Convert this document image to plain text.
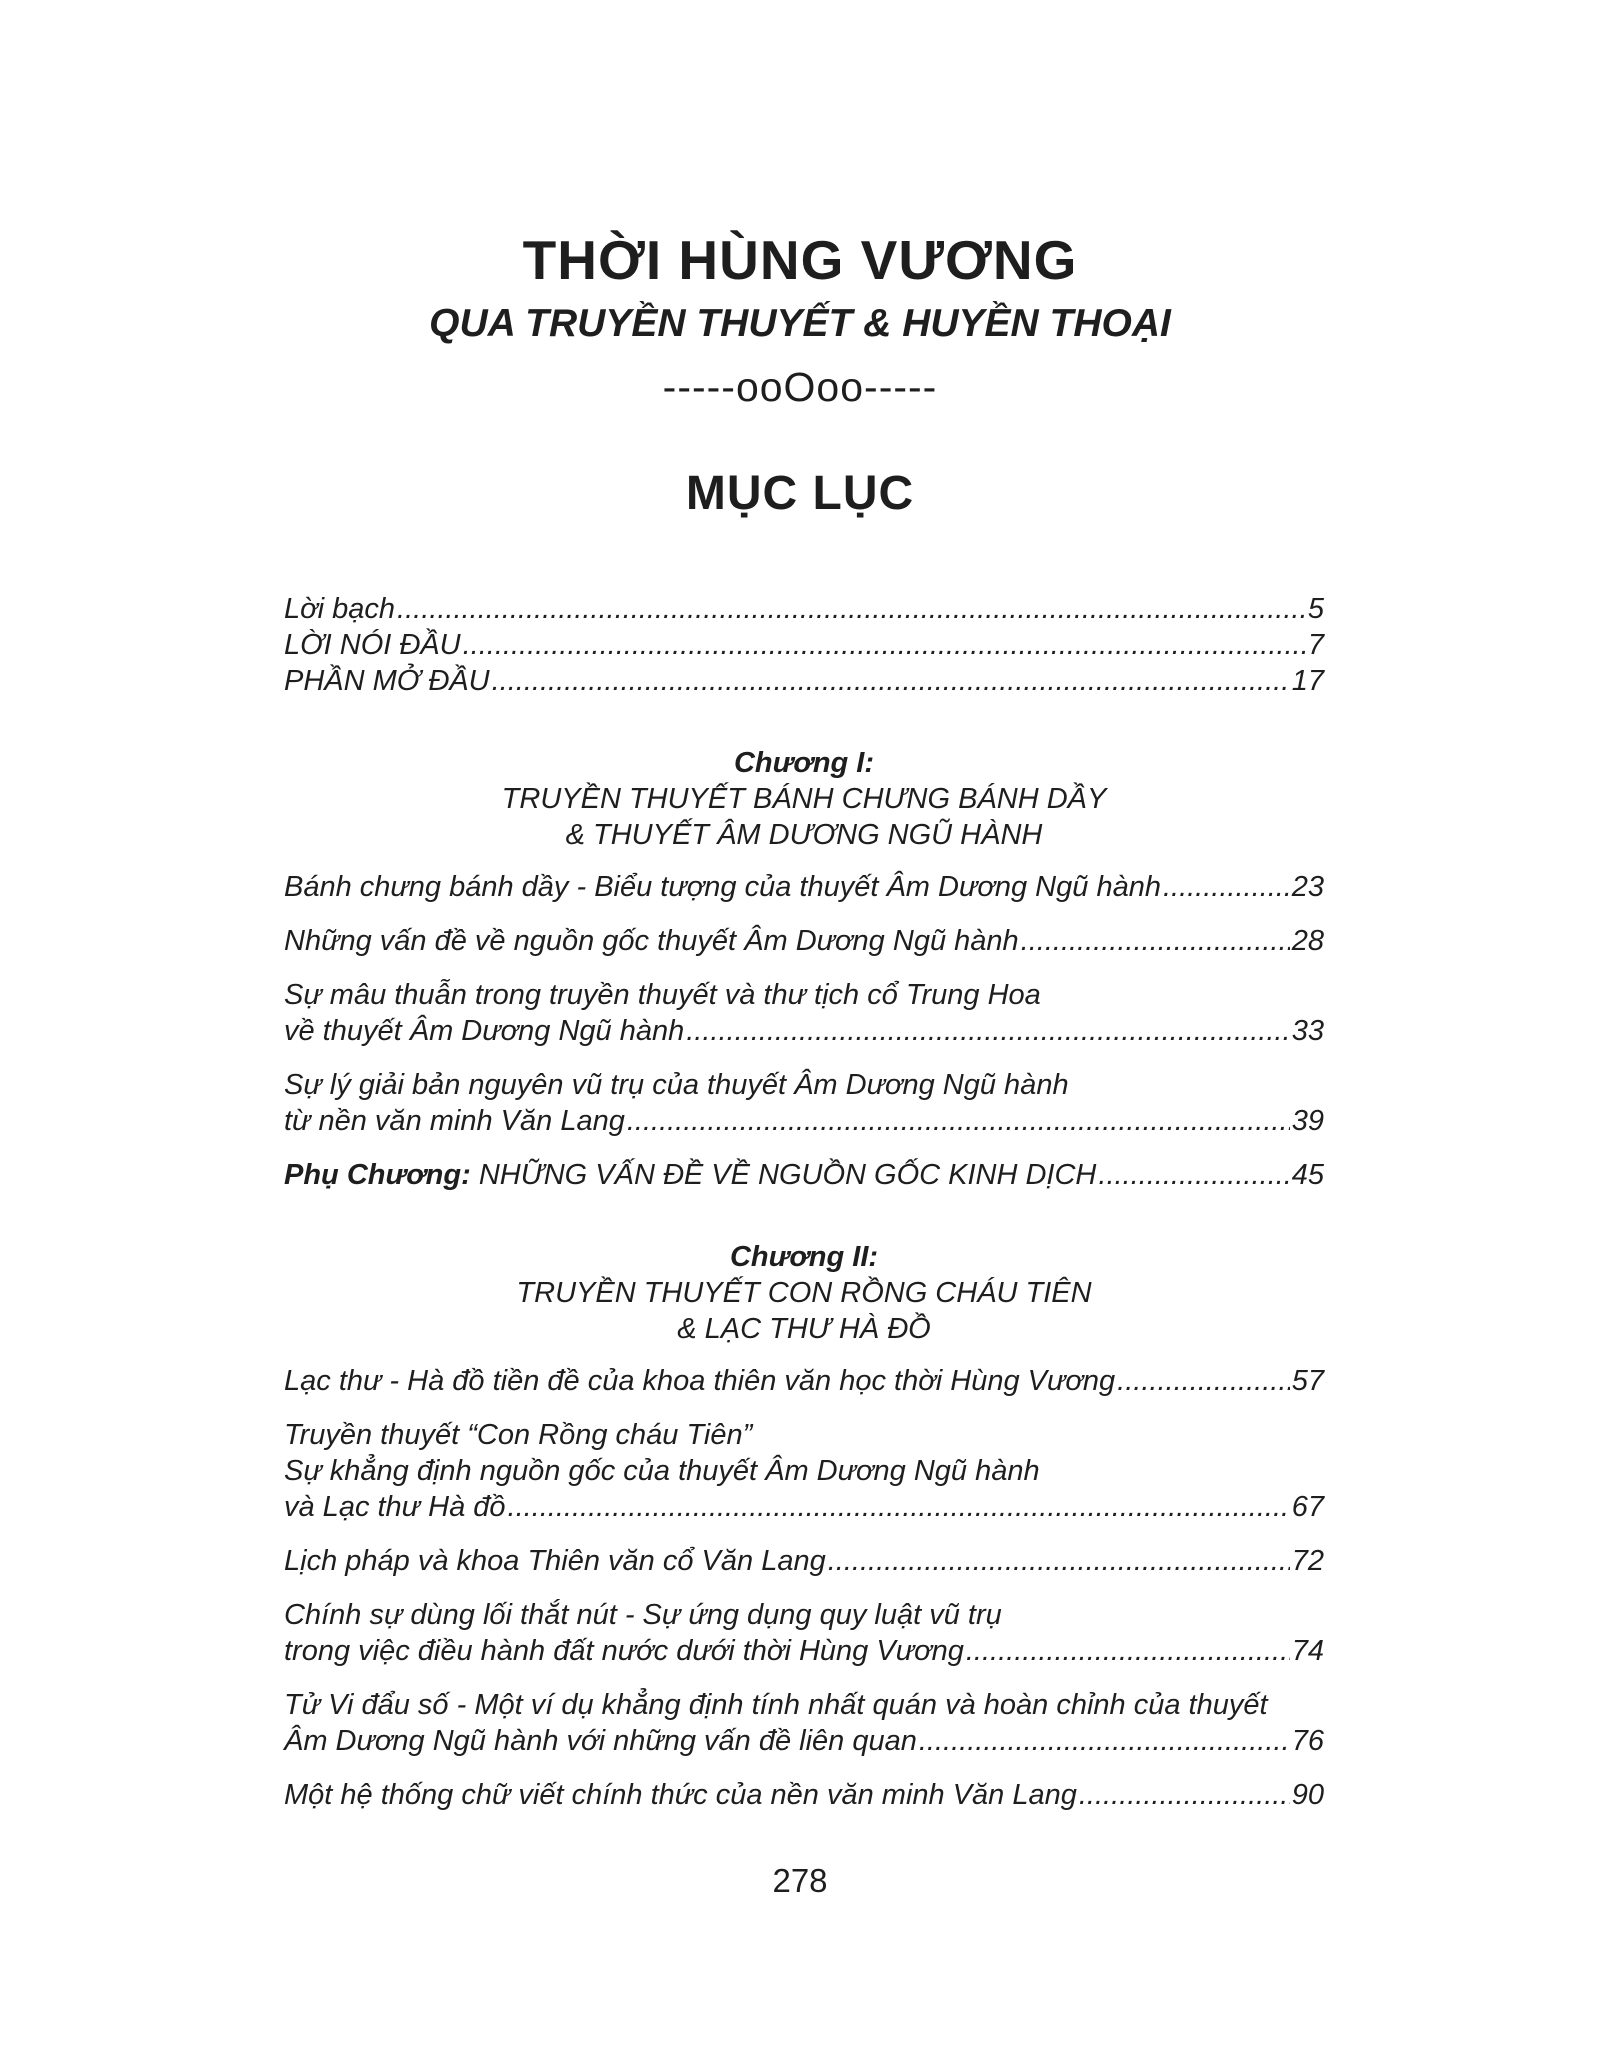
THỜI HÙNG VƯƠNG
QUA TRUYỀN THUYẾT & HUYỀN THOẠI
-----ooOoo-----
MỤC LỤC
Lời bạch .....	5
LỜI NÓI ĐẦU .....	7
PHẦN MỞ ĐẦU .....	17
Chương I:
TRUYỀN THUYẾT BÁNH CHƯNG BÁNH DẦY
& THUYẾT ÂM DƯƠNG NGŨ HÀNH
Bánh chưng bánh dầy - Biểu tượng của thuyết Âm Dương Ngũ hành .....	23
Những vấn đề về nguồn gốc thuyết Âm Dương Ngũ hành .....	28
Sự mâu thuẫn trong truyền thuyết và thư tịch cổ Trung Hoa
về thuyết Âm Dương Ngũ hành .....	33
Sự lý giải bản nguyên vũ trụ của thuyết Âm Dương Ngũ hành
từ nền văn minh Văn Lang .....	39
Phụ Chương: NHỮNG VẤN ĐỀ VỀ NGUỒN GỐC KINH DỊCH .....	45
Chương II:
TRUYỀN THUYẾT CON RỒNG CHÁU TIÊN
& LẠC THƯ HÀ ĐỒ
Lạc thư - Hà đồ tiền đề của khoa thiên văn học thời Hùng Vương .....	57
Truyền thuyết “Con Rồng cháu Tiên”
Sự khẳng định nguồn gốc của thuyết Âm Dương Ngũ hành
và Lạc thư Hà đồ .....	67
Lịch pháp và khoa Thiên văn cổ Văn Lang .....	72
Chính sự dùng lối thắt nút - Sự ứng dụng quy luật vũ trụ
trong việc điều hành đất nước dưới thời Hùng Vương .....	74
Tử Vi đẩu số - Một ví dụ khẳng định tính nhất quán và hoàn chỉnh của thuyết
Âm Dương Ngũ hành với những vấn đề liên quan .....	76
Một hệ thống chữ viết chính thức của nền văn minh Văn Lang .....	90
278
